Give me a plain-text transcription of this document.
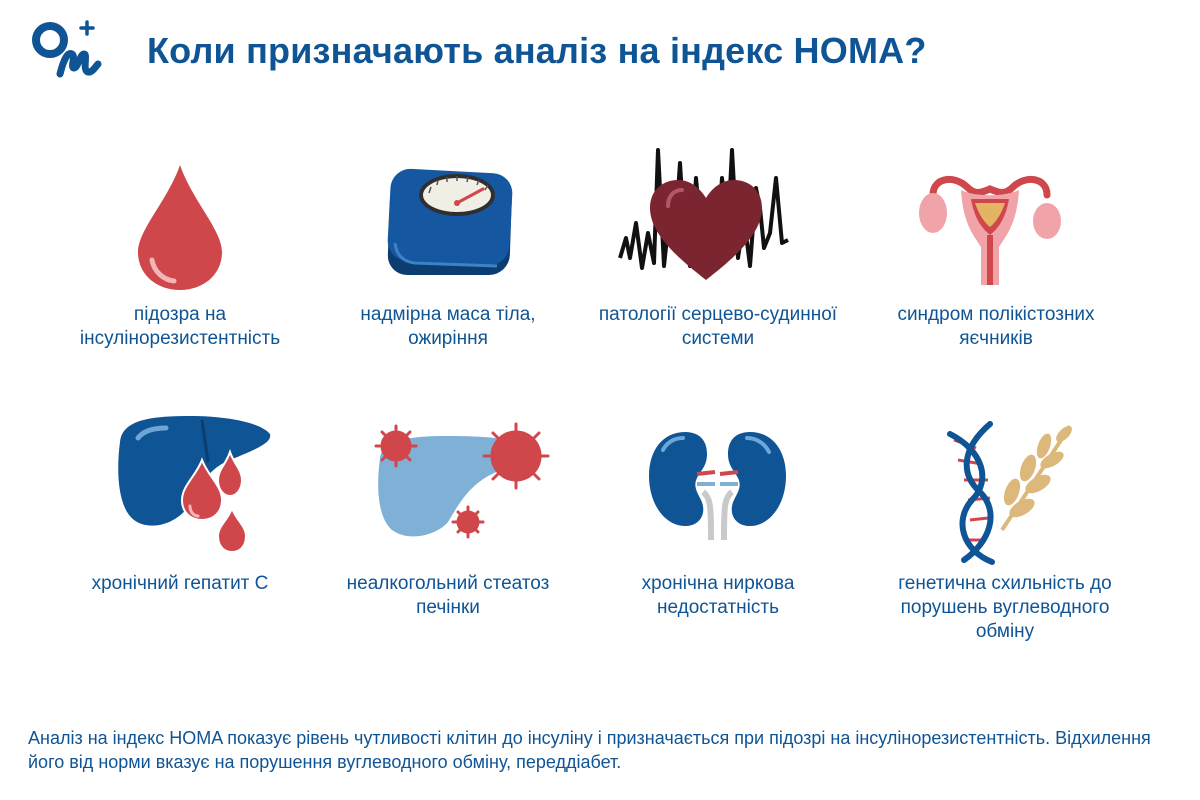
Коли призначають аналіз на індекс HOMA?
підозра на інсулінорезистентність
надмірна маса тіла, ожиріння
патології серцево-судинної системи
синдром полікістозних яєчників
хронічний гепатит С	неалкогольний стеатоз печінки
хронічна ниркова недостатність
генетична схильність до порушень вуглеводного обміну
Аналіз на індекс HOMA показує рівень чутливості клітин до інсуліну і призначається при підозрі на інсулінорезистентність. Відхилення його від норми вказує на порушення вуглеводного обміну, переддіабет.
